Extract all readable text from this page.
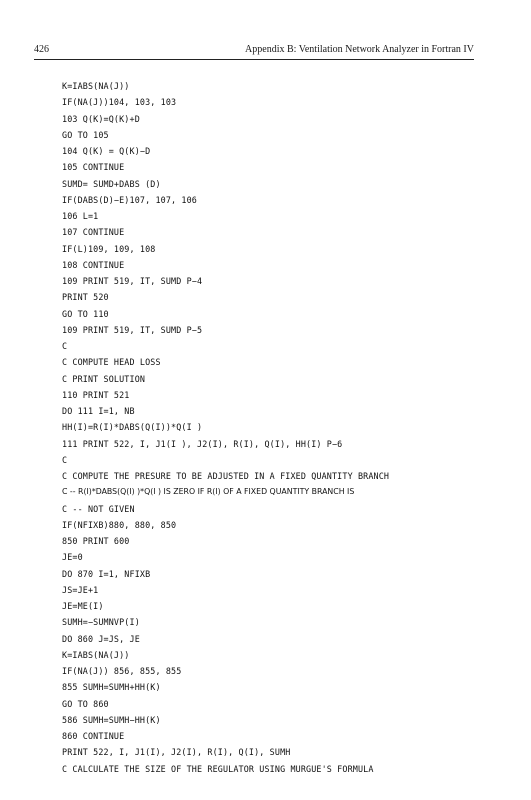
426	Appendix B: Ventilation Network Analyzer in Fortran IV
K=IABS(NA(J))
IF(NA(J))104, 103, 103
103 Q(K)=Q(K)+D
GO TO 105
104 Q(K) = Q(K)−D
105 CONTINUE
SUMD= SUMD+DABS (D)
IF(DABS(D)−E)107, 107, 106
106 L=1
107 CONTINUE
IF(L)109, 109, 108
108 CONTINUE
109 PRINT 519, IT, SUMD P−4
PRINT 520
GO TO 110
109 PRINT 519, IT, SUMD P−5
C
C COMPUTE HEAD LOSS
C PRINT SOLUTION
110 PRINT 521
DO 111 I=1, NB
HH(I)=R(I)*DABS(Q(I))*Q(I )
111 PRINT 522, I, J1(I ), J2(I), R(I), Q(I), HH(I) P−6
C
C COMPUTE THE PRESURE TO BE ADJUSTED IN A FIXED QUANTITY BRANCH
C -- R(I)*DABS(Q(I) )*Q(I ) IS ZERO IF R(I) OF A FIXED QUANTITY BRANCH IS
C -- NOT GIVEN
IF(NFIXB)880, 880, 850
850 PRINT 600
JE=0
DO 870 I=1, NFIXB
JS=JE+1
JE=ME(I)
SUMH=−SUMNVP(I)
DO 860 J=JS, JE
K=IABS(NA(J))
IF(NA(J)) 856, 855, 855
855 SUMH=SUMH+HH(K)
GO TO 860
586 SUMH=SUMH−HH(K)
860 CONTINUE
PRINT 522, I, J1(I), J2(I), R(I), Q(I), SUMH
C CALCULATE THE SIZE OF THE REGULATOR USING MURGUE'S FORMULA
